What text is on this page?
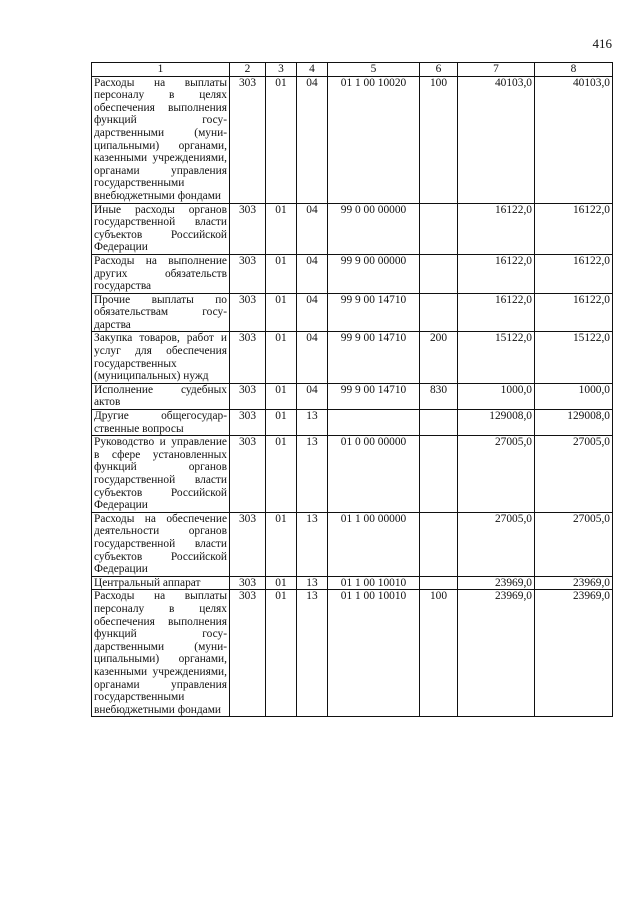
416
1	2	3	4	5	6	7	8
Расходы на выплаты персоналу в целях обеспечения выполнения функций государственными (муниципальными) органами, казенными учреждениями, органами управления государственными внебюджетными фондами	303	01	04	01 1 00 10020	100	40103,0	40103,0
Иные расходы органов государственной власти субъектов Российской Федерации	303	01	04	99 0 00 00000		16122,0	16122,0
Расходы на выполнение других обязательств государства	303	01	04	99 9 00 00000		16122,0	16122,0
Прочие выплаты по обязательствам государства	303	01	04	99 9 00 14710		16122,0	16122,0
Закупка товаров, работ и услуг для обеспечения государственных (муниципальных) нужд	303	01	04	99 9 00 14710	200	15122,0	15122,0
Исполнение судебных актов	303	01	04	99 9 00 14710	830	1000,0	1000,0
Другие общегосударственные вопросы	303	01	13			129008,0	129008,0
Руководство и управление в сфере установленных функций органов государственной власти субъектов Российской Федерации	303	01	13	01 0 00 00000		27005,0	27005,0
Расходы на обеспечение деятельности органов государственной власти субъектов Российской Федерации	303	01	13	01 1 00 00000		27005,0	27005,0
Центральный аппарат	303	01	13	01 1 00 10010		23969,0	23969,0
Расходы на выплаты персоналу в целях обеспечения выполнения функций государственными (муниципальными) органами, казенными учреждениями, органами управления государственными внебюджетными фондами	303	01	13	01 1 00 10010	100	23969,0	23969,0
